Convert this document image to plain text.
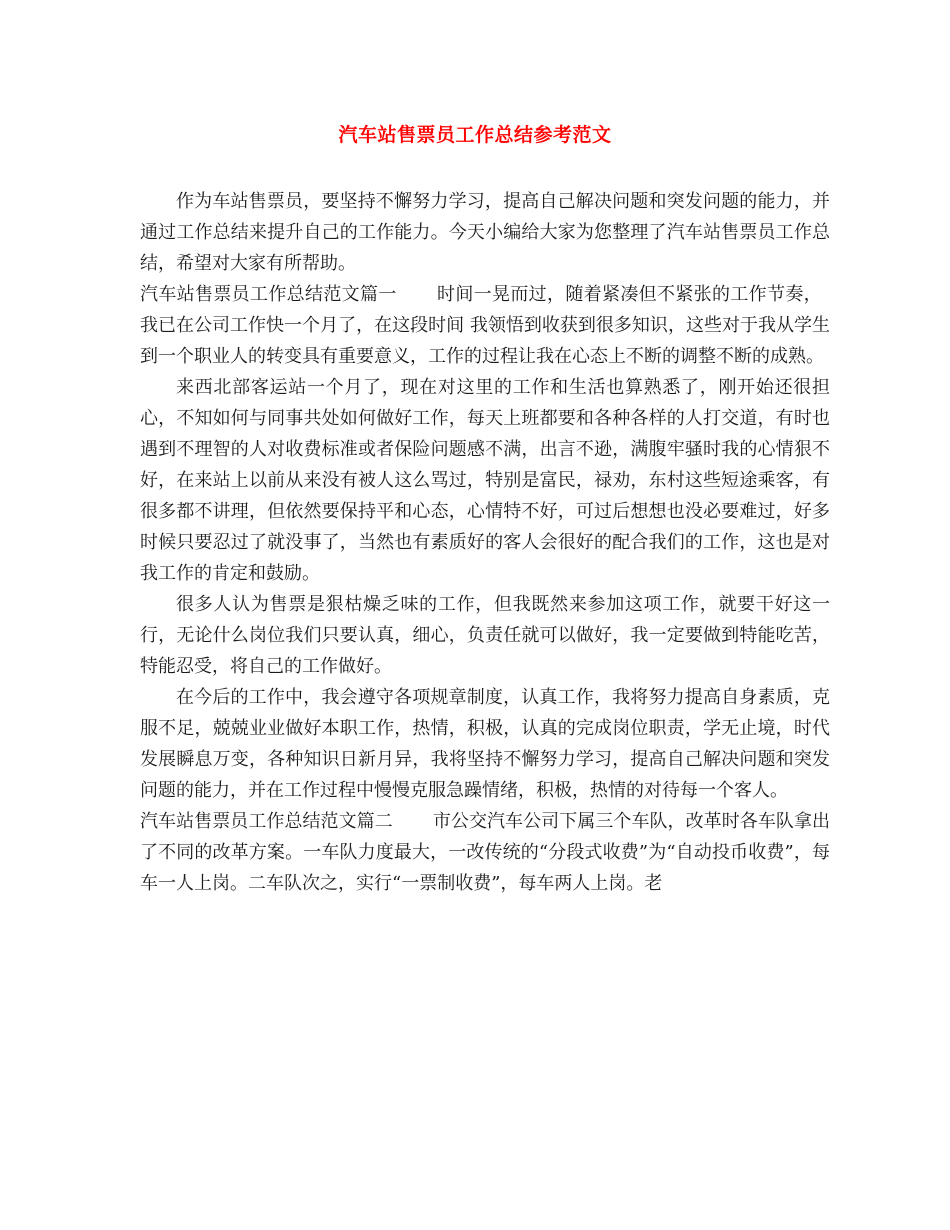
汽车站售票员工作总结参考范文

作为车站售票员，要坚持不懈努力学习，提高自己解决问题和突发问题的能力，并通过工作总结来提升自己的工作能力。今天小编给大家为您整理了汽车站售票员工作总结，希望对大家有所帮助。

汽车站售票员工作总结范文篇一 时间一晃而过，随着紧凑但不紧张的工作节奏，我已在公司工作快一个月了，在这段时间 我领悟到收获到很多知识，这些对于我从学生到一个职业人的转变具有重要意义，工作的过程让我在心态上不断的调整不断的成熟。

来西北部客运站一个月了，现在对这里的工作和生活也算熟悉了，刚开始还很担心，不知如何与同事共处如何做好工作，每天上班都要和各种各样的人打交道，有时也遇到不理智的人对收费标准或者保险问题感不满，出言不逊，满腹牢骚时我的心情狠不好，在来站上以前从来没有被人这么骂过，特别是富民，禄劝，东村这些短途乘客，有很多都不讲理，但依然要保持平和心态，心情特不好，可过后想想也没必要难过，好多时候只要忍过了就没事了，当然也有素质好的客人会很好的配合我们的工作，这也是对我工作的肯定和鼓励。

很多人认为售票是狠枯燥乏味的工作，但我既然来参加这项工作，就要干好这一行，无论什么岗位我们只要认真，细心，负责任就可以做好，我一定要做到特能吃苦，特能忍受，将自己的工作做好。

在今后的工作中，我会遵守各项规章制度，认真工作，我将努力提高自身素质，克服不足，兢兢业业做好本职工作，热情，积极，认真的完成岗位职责，学无止境，时代发展瞬息万变，各种知识日新月异，我将坚持不懈努力学习，提高自己解决问题和突发问题的能力，并在工作过程中慢慢克服急躁情绪，积极，热情的对待每一个客人。

汽车站售票员工作总结范文篇二 市公交汽车公司下属三个车队，改革时各车队拿出了不同的改革方案。一车队力度最大，一改传统的“分段式收费”为“自动投币收费”，每车一人上岗。二车队次之，实行“一票制收费”，每车两人上岗。老
